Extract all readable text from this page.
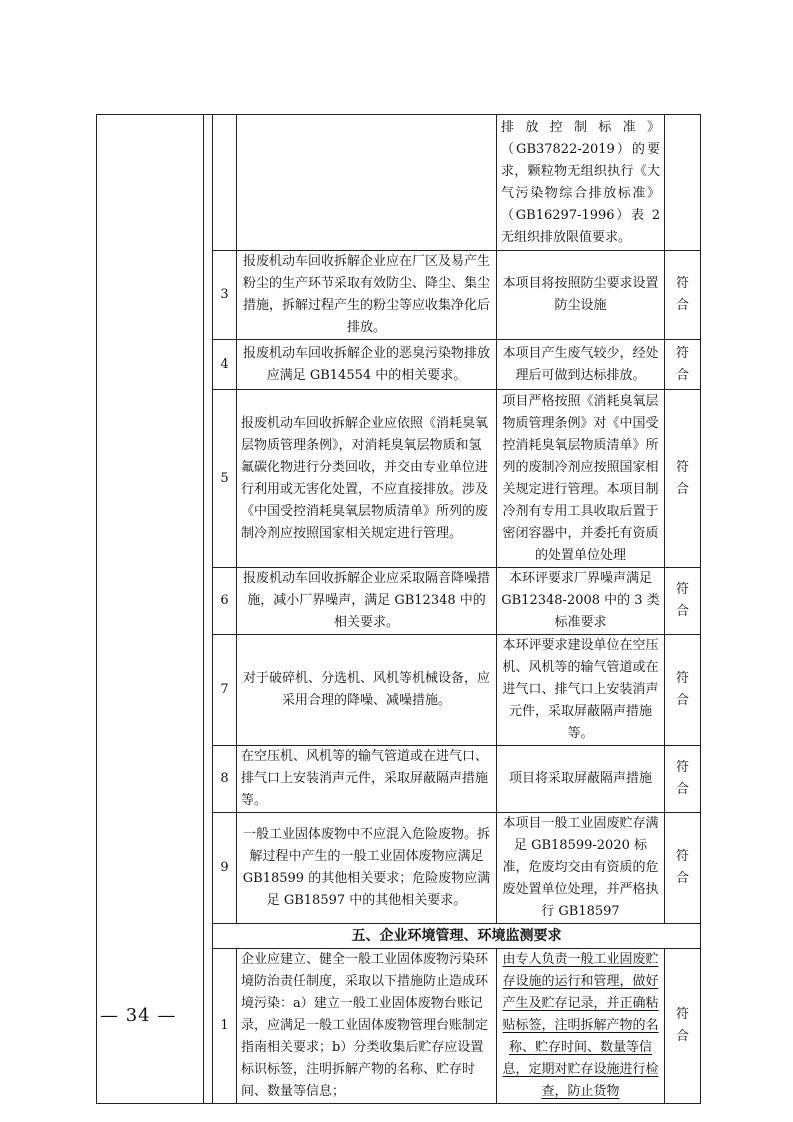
				排 放 控 制 标 准 》（GB37822-2019）的要求，颗粒物无组织执行《大气污染物综合排放标准》（GB16297-1996）表 2 无组织排放限值要求。	
		3	报废机动车回收拆解企业应在厂区及易产生粉尘的生产环节采取有效防尘、降尘、集尘措施，拆解过程产生的粉尘等应收集净化后排放。	本项目将按照防尘要求设置防尘设施	符合

		4	报废机动车回收拆解企业的恶臭污染物排放应满足 GB14554 中的相关要求。	本项目产生废气较少，经处理后可做到达标排放。	符合

		5	报废机动车回收拆解企业应依照《消耗臭氧层物质管理条例》，对消耗臭氧层物质和氢氟碳化物进行分类回收，并交由专业单位进行利用或无害化处置，不应直接排放。涉及《中国受控消耗臭氧层物质清单》所列的废制冷剂应按照国家相关规定进行管理。	项目严格按照《消耗臭氧层物质管理条例》对《中国受控消耗臭氧层物质清单》所列的废制冷剂应按照国家相关规定进行管理。本项目制冷剂有专用工具收取后置于密闭容器中，并委托有资质的处置单位处理	符合

		6	报废机动车回收拆解企业应采取隔音降噪措施，减小厂界噪声，满足 GB12348 中的相关要求。	本环评要求厂界噪声满足 GB12348-2008 中的 3 类标准要求	符合

		7	对于破碎机、分选机、风机等机械设备，应采用合理的降噪、减噪措施。	本环评要求建设单位在空压机、风机等的输气管道或在进气口、排气口上安装消声元件，采取屏蔽隔声措施等。	符合

		8	在空压机、风机等的输气管道或在进气口、排气口上安装消声元件，采取屏蔽隔声措施等。	项目将采取屏蔽隔声措施	符合

		9	一般工业固体废物中不应混入危险废物。拆解过程中产生的一般工业固体废物应满足 GB18599 的其他相关要求；危险废物应满足 GB18597 中的其他相关要求。	本项目一般工业固废贮存满足 GB18599-2020 标准，危废均交由有资质的危废处置单位处理，并严格执行 GB18597	符合

		五、企业环境管理、环境监测要求			
		1	企业应建立、健全一般工业固体废物污染环境防治责任制度，采取以下措施防止造成环境污染：a）建立一般工业固体废物台账记录，应满足一般工业固体废物管理台账制定指南相关要求；b）分类收集后贮存应设置标识标签，注明拆解产物的名称、贮存时间、数量等信息；	由专人负责一般工业固废贮存设施的运行和管理，做好产生及贮存记录，并正确粘贴标签，注明拆解产物的名称、贮存时间、数量等信息，定期对贮存设施进行检查，防止货物	符合
— 34 —
